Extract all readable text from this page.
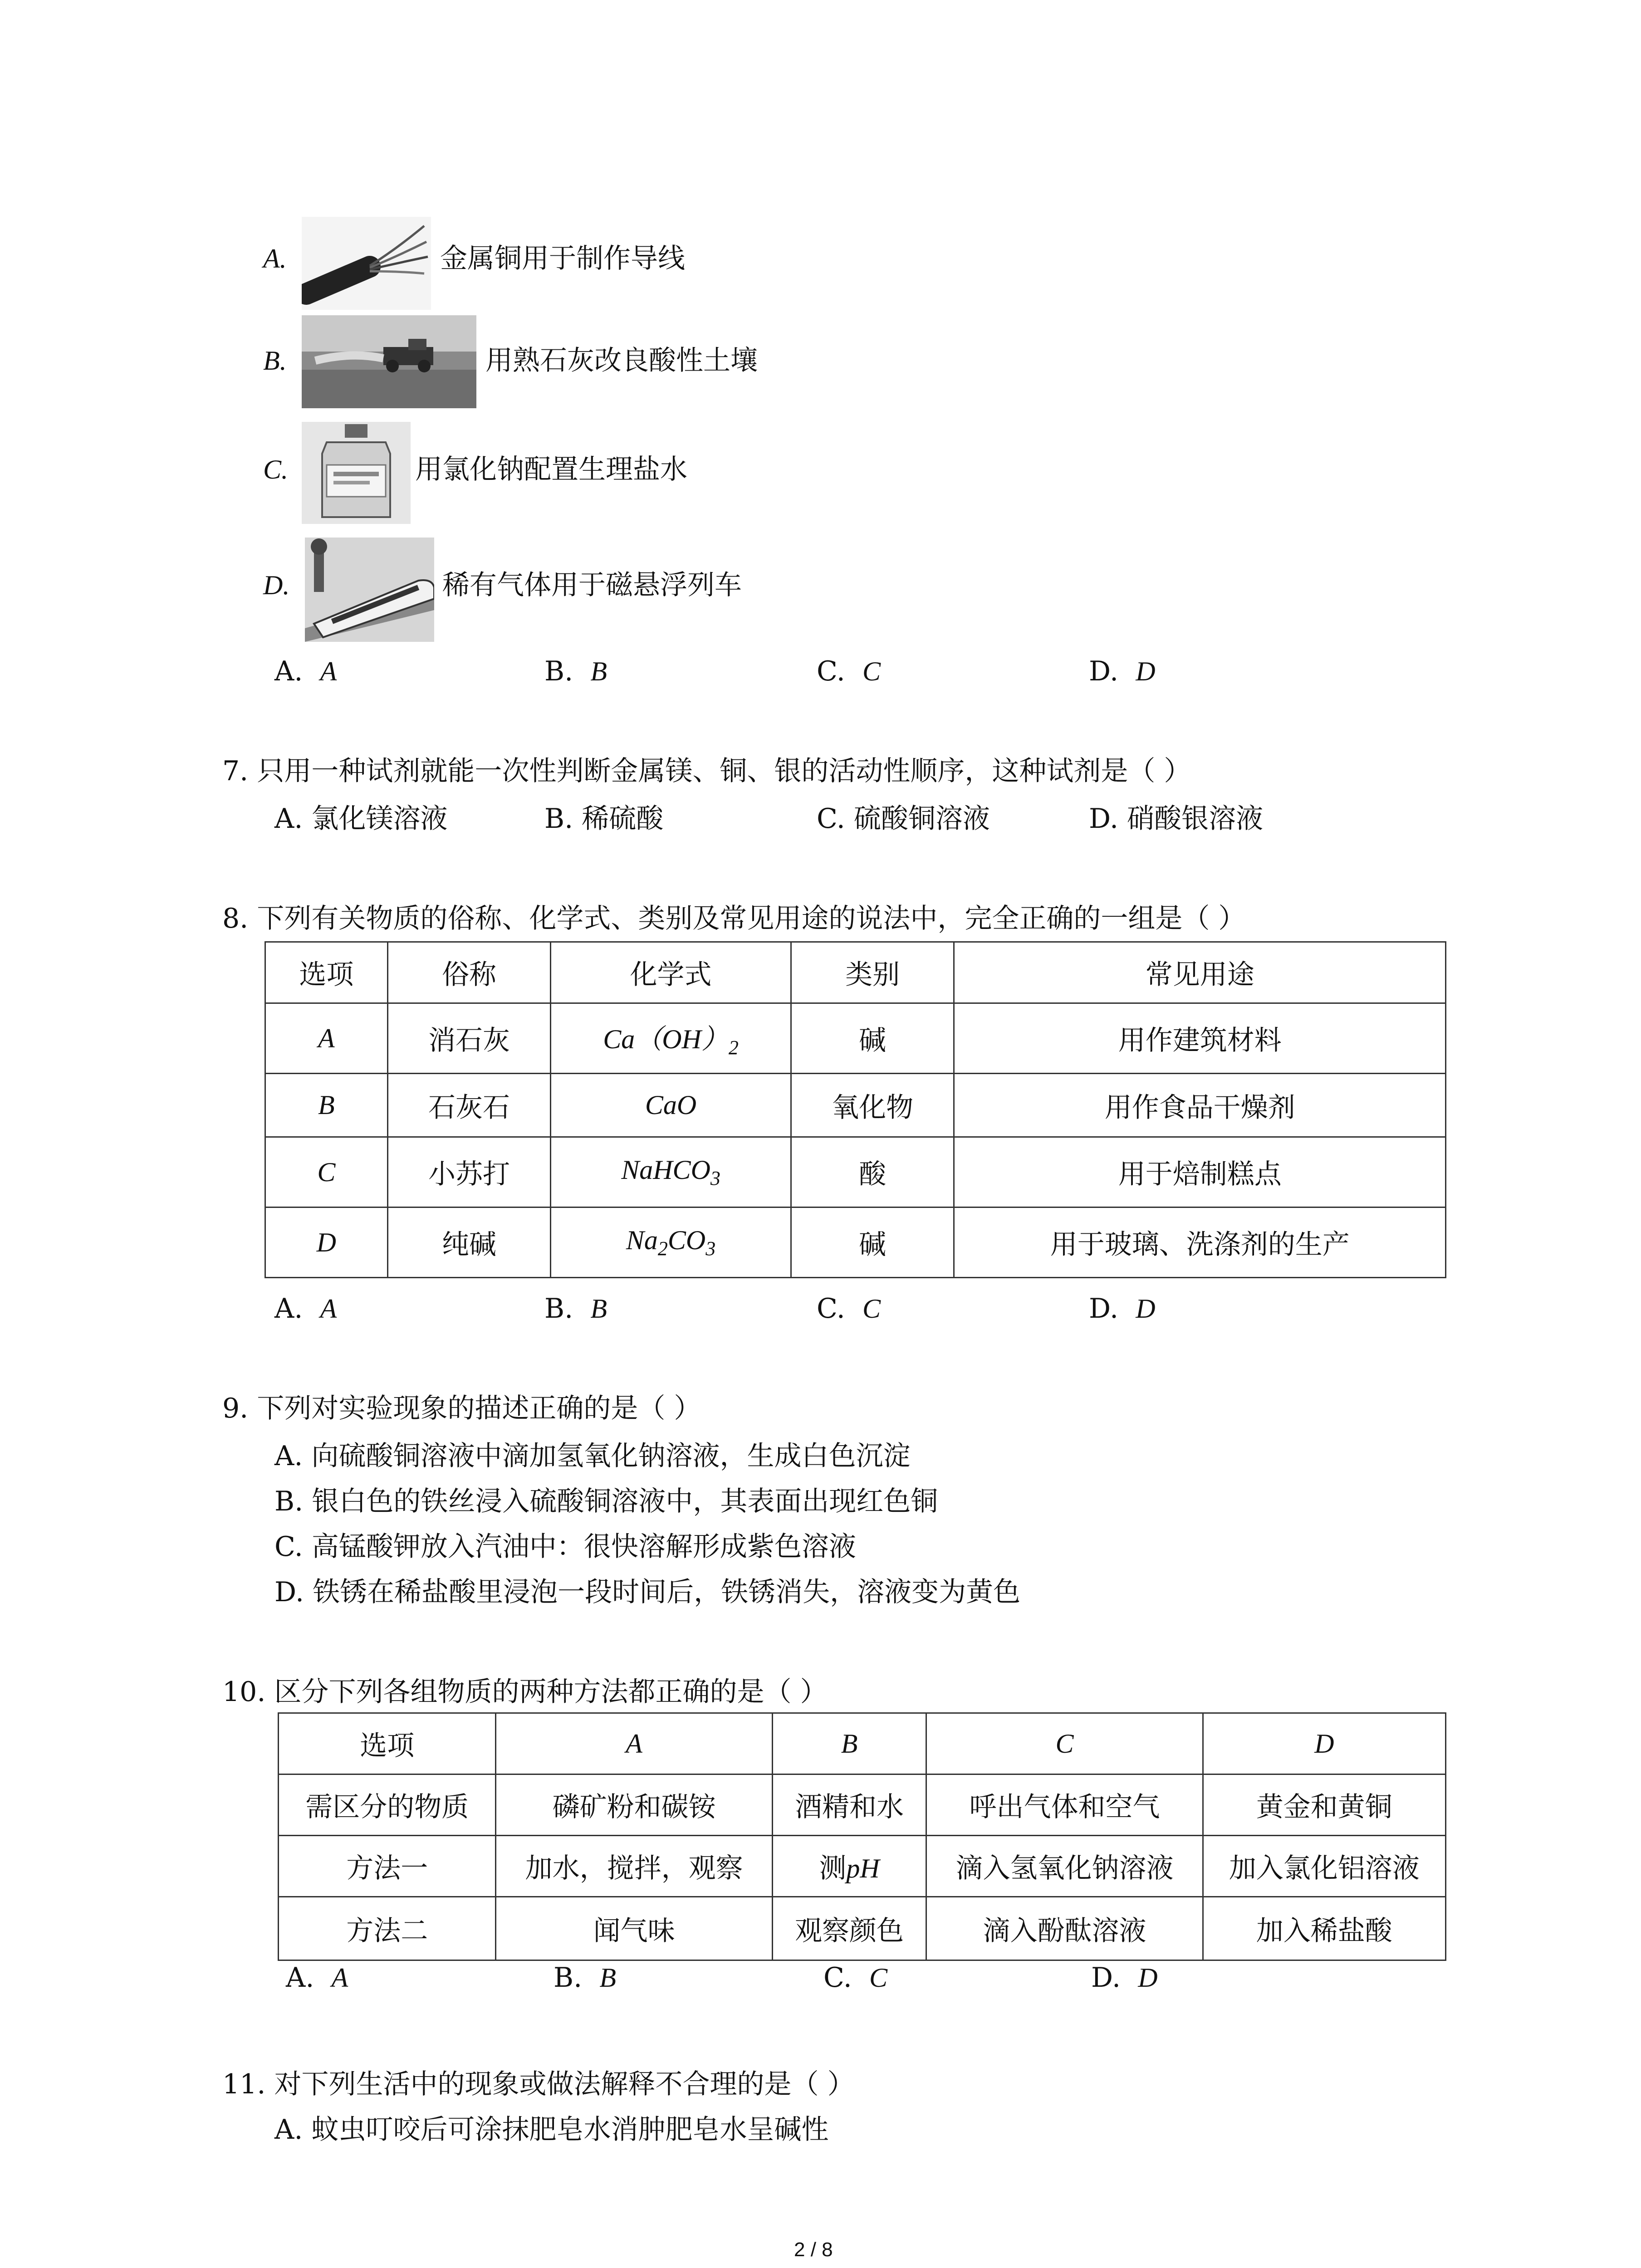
A.	金属铜用于制作导线
B.	用熟石灰改良酸性土壤
C.	用氯化钠配置生理盐水
D.	稀有气体用于磁悬浮列车
A. A	B. B	C. C	D. D
7. 只用一种试剂就能一次性判断金属镁、铜、银的活动性顺序，这种试剂是（ ）
A. 氯化镁溶液	B. 稀硫酸	C. 硫酸铜溶液	D. 硝酸银溶液
8. 下列有关物质的俗称、化学式、类别及常见用途的说法中，完全正确的一组是（ ）
选项	俗称	化学式	类别	常见用途
A	消石灰	$Ca(OH)_2$	碱	用作建筑材料
B	石灰石	CaO	氧化物	用作食品干燥剂
C	小苏打	NaHCO$_3$	酸	用于焙制糕点
D	纯碱	$Na_2CO_3$	碱	用于玻璃、洗涤剂的生产
A. A	B. B	C. C	D. D
9. 下列对实验现象的描述正确的是（ ）
A. 向硫酸铜溶液中滴加氢氧化钠溶液，生成白色沉淀
B. 银白色的铁丝浸入硫酸铜溶液中，其表面出现红色铜
C. 高锰酸钾放入汽油中：很快溶解形成紫色溶液
D. 铁锈在稀盐酸里浸泡一段时间后，铁锈消失，溶液变为黄色
10. 区分下列各组物质的两种方法都正确的是（ ）
选项	A	B	C	D
需区分的物质	磷矿粉和碳铵	酒精和水	呼出气体和空气	黄金和黄铜
方法一	加水，搅拌，观察	测pH	滴入氢氧化钠溶液	加入氯化铝溶液
方法二	闻气味	观察颜色	滴入酚酞溶液	加入稀盐酸
A. A	B. B	C. C	D. D
11. 对下列生活中的现象或做法解释不合理的是（ ）
A. 蚊虫叮咬后可涂抹肥皂水消肿肥皂水呈碱性
2 / 8
